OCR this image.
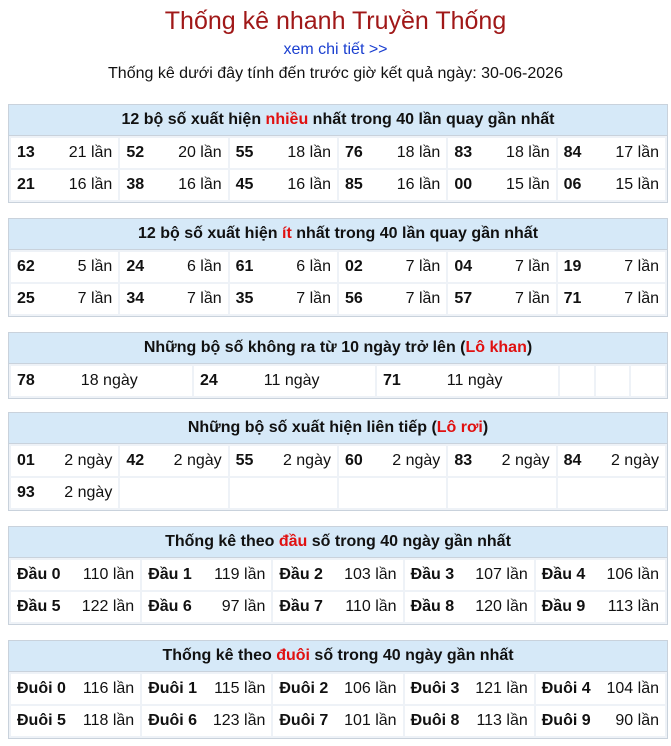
Thống kê nhanh Truyền Thống
xem chi tiết >>
Thống kê dưới đây tính đến trước giờ kết quả ngày: 30-06-2026
12 bộ số xuất hiện nhiều nhất trong 40 lần quay gần nhất
13 21 lần	52 20 lần	55 18 lần	76 18 lần	83 18 lần	84 17 lần

21 16 lần	38 16 lần	45 16 lần	85 16 lần	00 15 lần	06 15 lần
12 bộ số xuất hiện ít nhất trong 40 lần quay gần nhất
62 5 lần	24 6 lần	61 6 lần	02 7 lần	04 7 lần	19 7 lần

25 7 lần	34 7 lần	35 7 lần	56 7 lần	57 7 lần	71 7 lần
Những bộ số không ra từ 10 ngày trở lên (Lô khan)
78	18 ngày	24	11 ngày	71	11 ngày			
Những bộ số xuất hiện liên tiếp (Lô rơi)
01 2 ngày	42 2 ngày	55 2 ngày	60 2 ngày	83 2 ngày	84 2 ngày

93 2 ngày					

Thống kê theo đầu số trong 40 ngày gần nhất
Đầu 0 110 lần	Đầu 1 119 lần	Đầu 2 103 lần	Đầu 3 107 lần	Đầu 4 106 lần

Đầu 5 122 lần	Đầu 6 97 lần	Đầu 7 110 lần	Đầu 8 120 lần	Đầu 9 113 lần
Thống kê theo đuôi số trong 40 ngày gần nhất
Đuôi 0 116 lần	Đuôi 1 115 lần	Đuôi 2 106 lần	Đuôi 3 121 lần	Đuôi 4 104 lần

Đuôi 5 118 lần	Đuôi 6 123 lần	Đuôi 7 101 lần	Đuôi 8 113 lần	Đuôi 9 90 lần
